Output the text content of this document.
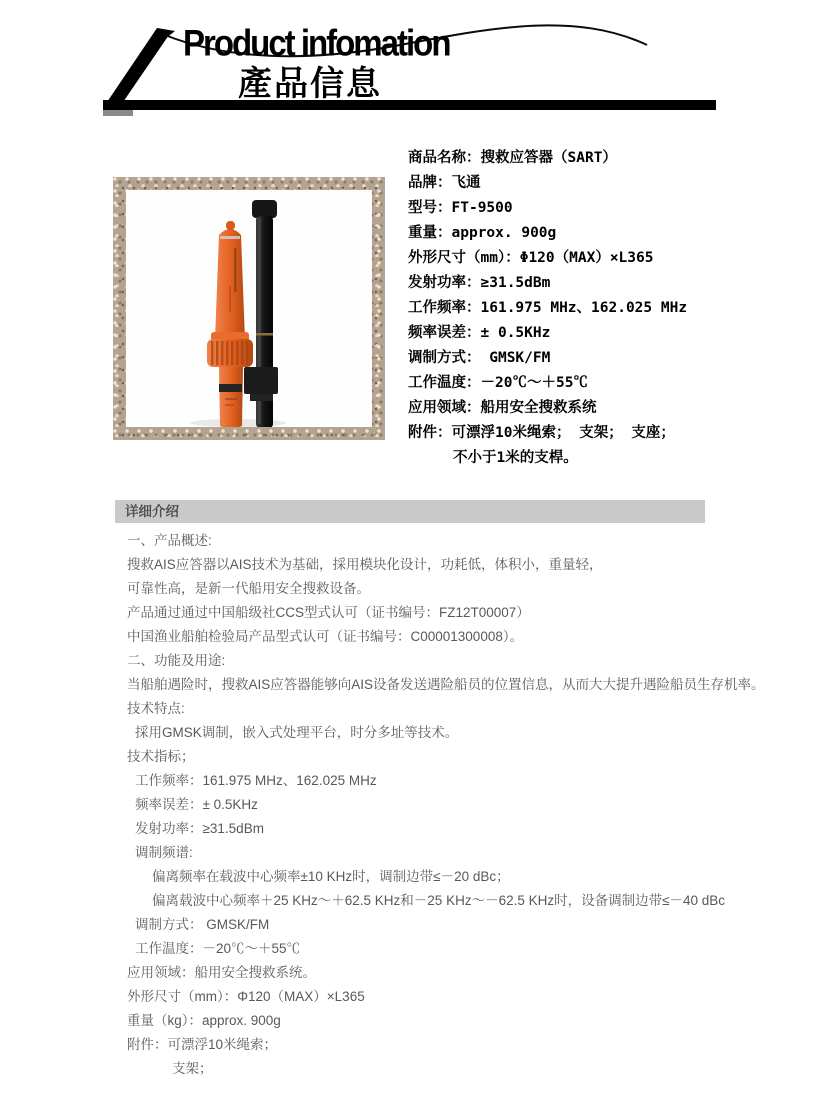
Product infomation
產品信息
商品名称：搜救应答器（SART）
品牌：飞通
型号：FT-9500
重量：approx. 900g
外形尺寸（mm）：Φ120（MAX）×L365
发射功率：≥31.5dBm
工作频率：161.975 MHz、162.025 MHz
频率误差：± 0.5KHz
调制方式： GMSK/FM
工作温度：－20℃～＋55℃
应用领域：船用安全搜救系统
附件：可漂浮10米绳索； 支架； 支座；
不小于1米的支桿。
详细介绍
一、产品概述:
搜救AIS应答器以AIS技术为基础，採用模块化设计，功耗低，体积小，重量轻，
可靠性高，是新一代船用安全搜救设备。
产品通过通过中国船级社CCS型式认可（证书编号：FZ12T00007）
中国渔业船舶检验局产品型式认可（证书编号：C00001300008）。
二、功能及用途:
当船舶遇险时，搜救AIS应答器能够向AIS设备发送遇险船员的位置信息，从而大大提升遇险船员生存机率。
技术特点:
採用GMSK调制，嵌入式处理平台，时分多址等技术。
技术指标；
工作频率：161.975 MHz、162.025 MHz
频率误差：± 0.5KHz
发射功率：≥31.5dBm
调制频谱:
偏离频率在载波中心频率±10 KHz时，调制边带≤－20 dBc；
偏离载波中心频率＋25 KHz～＋62.5 KHz和－25 KHz～－62.5 KHz时，设备调制边带≤－40 dBc
调制方式： GMSK/FM
工作温度：－20℃～＋55℃
应用领域：船用安全搜救系统。
外形尺寸（mm）：Φ120（MAX）×L365
重量（kg）：approx. 900g
附件：可漂浮10米绳索；
支架；
